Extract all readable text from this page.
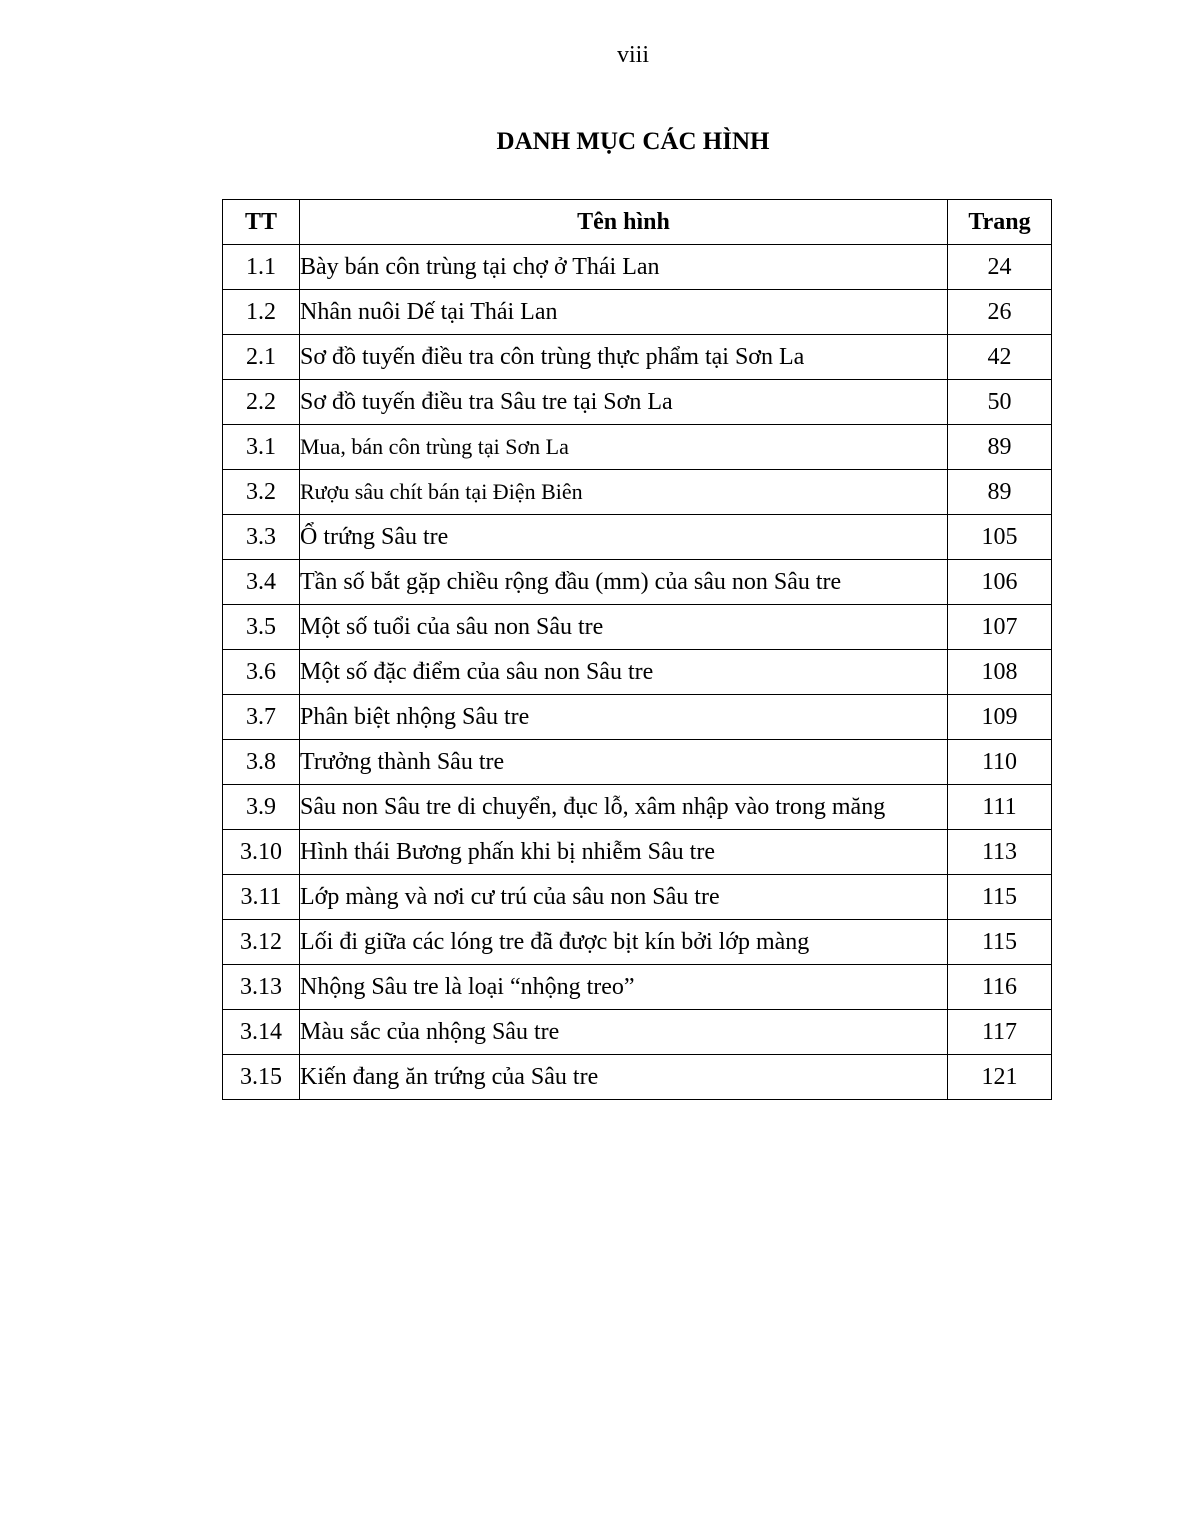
viii
DANH MỤC CÁC HÌNH
TT	Tên hình	Trang
1.1	Bày bán côn trùng tại chợ ở Thái Lan	24
1.2	Nhân nuôi Dế tại Thái Lan	26
2.1	Sơ đồ tuyến điều tra côn trùng thực phẩm tại Sơn La	42
2.2	Sơ đồ tuyến điều tra Sâu tre tại Sơn La	50
3.1	Mua, bán côn trùng tại Sơn La	89
3.2	Rượu sâu chít bán tại Điện Biên	89
3.3	Ổ trứng Sâu tre	105
3.4	Tần số bắt gặp chiều rộng đầu (mm) của sâu non Sâu tre	106
3.5	Một số tuổi của sâu non Sâu tre	107
3.6	Một số đặc điểm của sâu non Sâu tre	108
3.7	Phân biệt nhộng Sâu tre	109
3.8	Trưởng thành Sâu tre	110
3.9	Sâu non Sâu tre di chuyển, đục lỗ, xâm nhập vào trong măng	111
3.10	Hình thái Bương phấn khi bị nhiễm Sâu tre	113
3.11	Lớp màng và nơi cư trú của sâu non Sâu tre	115
3.12	Lối đi giữa các lóng tre đã được bịt kín bởi lớp màng	115
3.13	Nhộng Sâu tre là loại “nhộng treo”	116
3.14	Màu sắc của nhộng Sâu tre	117
3.15	Kiến đang ăn trứng của Sâu tre	121
